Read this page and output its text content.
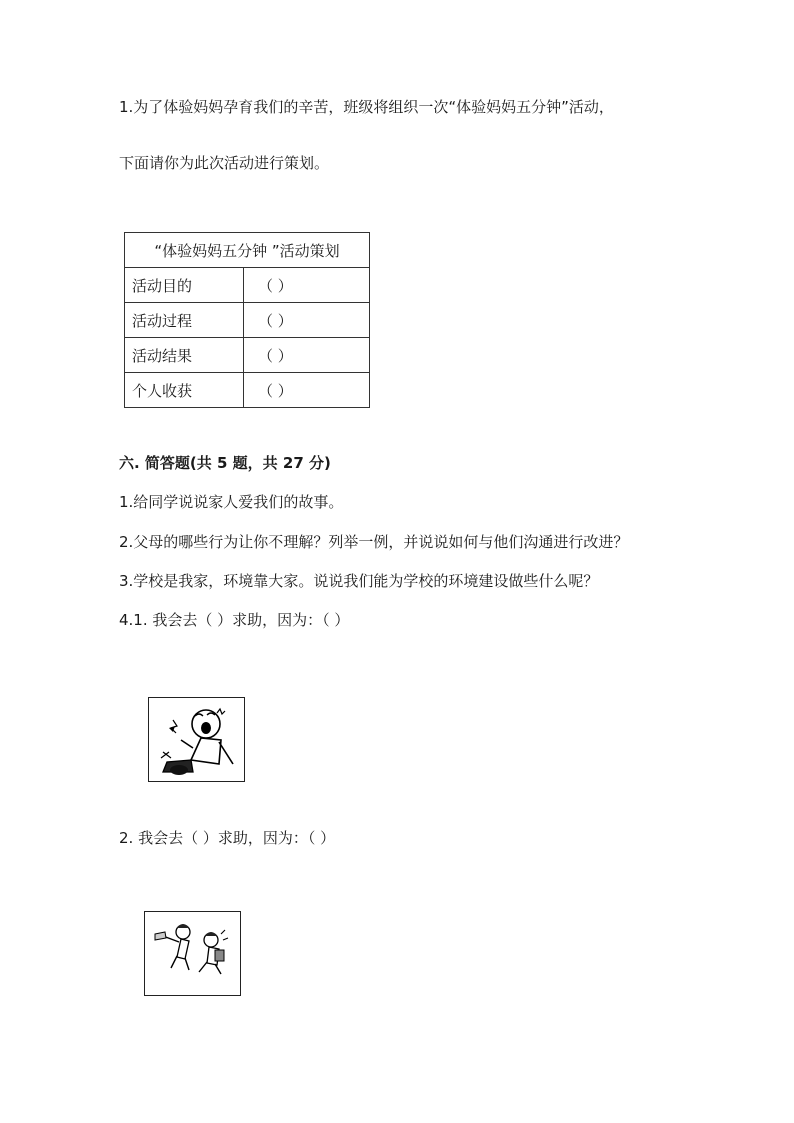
1.为了体验妈妈孕育我们的辛苦，班级将组织一次“体验妈妈五分钟”活动，
下面请你为此次活动进行策划。
“体验妈妈五分钟 ”活动策划	
活动目的	（ ）
活动过程	（ ）
活动结果	（ ）
个人收获	（ ）
六. 简答题(共 5 题，共 27 分)
1.给同学说说家人爱我们的故事。
2.父母的哪些行为让你不理解？列举一例，并说说如何与他们沟通进行改进？
3.学校是我家，环境靠大家。说说我们能为学校的环境建设做些什么呢？
4.1. 我会去（ ）求助，因为：（ ）
2. 我会去（ ）求助，因为：（ ）
